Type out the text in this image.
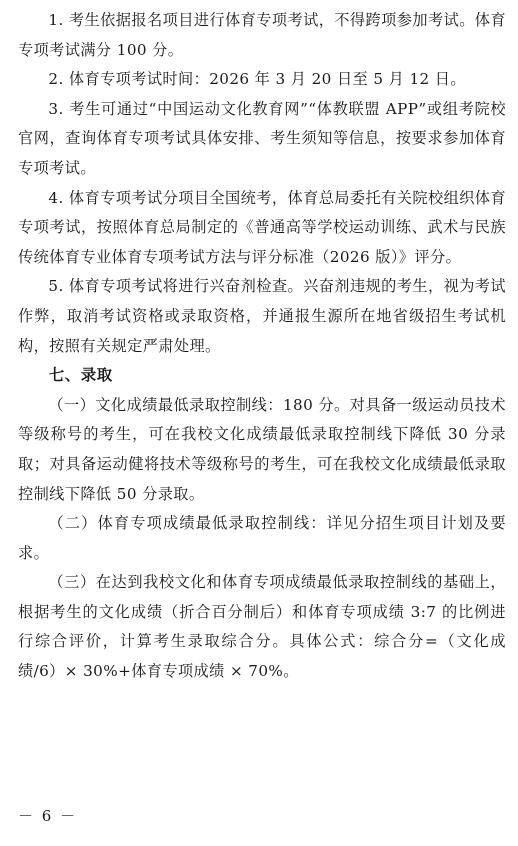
1. 考生依据报名项目进行体育专项考试，不得跨项参加考试。体育专项考试满分 100 分。

2. 体育专项考试时间：2026 年 3 月 20 日至 5 月 12 日。

3. 考生可通过“中国运动文化教育网”“体教联盟 APP”或组考院校官网，查询体育专项考试具体安排、考生须知等信息，按要求参加体育专项考试。

4. 体育专项考试分项目全国统考，体育总局委托有关院校组织体育专项考试，按照体育总局制定的《普通高等学校运动训练、武术与民族传统体育专业体育专项考试方法与评分标准（2026 版）》评分。

5. 体育专项考试将进行兴奋剂检查。兴奋剂违规的考生，视为考试作弊，取消考试资格或录取资格，并通报生源所在地省级招生考试机构，按照有关规定严肃处理。

七、录取

（一）文化成绩最低录取控制线：180 分。对具备一级运动员技术等级称号的考生，可在我校文化成绩最低录取控制线下降低 30 分录取；对具备运动健将技术等级称号的考生，可在我校文化成绩最低录取控制线下降低 50 分录取。

（二）体育专项成绩最低录取控制线：详见分招生项目计划及要求。

（三）在达到我校文化和体育专项成绩最低录取控制线的基础上，根据考生的文化成绩（折合百分制后）和体育专项成绩 3:7 的比例进行综合评价，计算考生录取综合分。具体公式：综合分=（文化成绩/6）× 30%+体育专项成绩 × 70%。

－ 6 －
